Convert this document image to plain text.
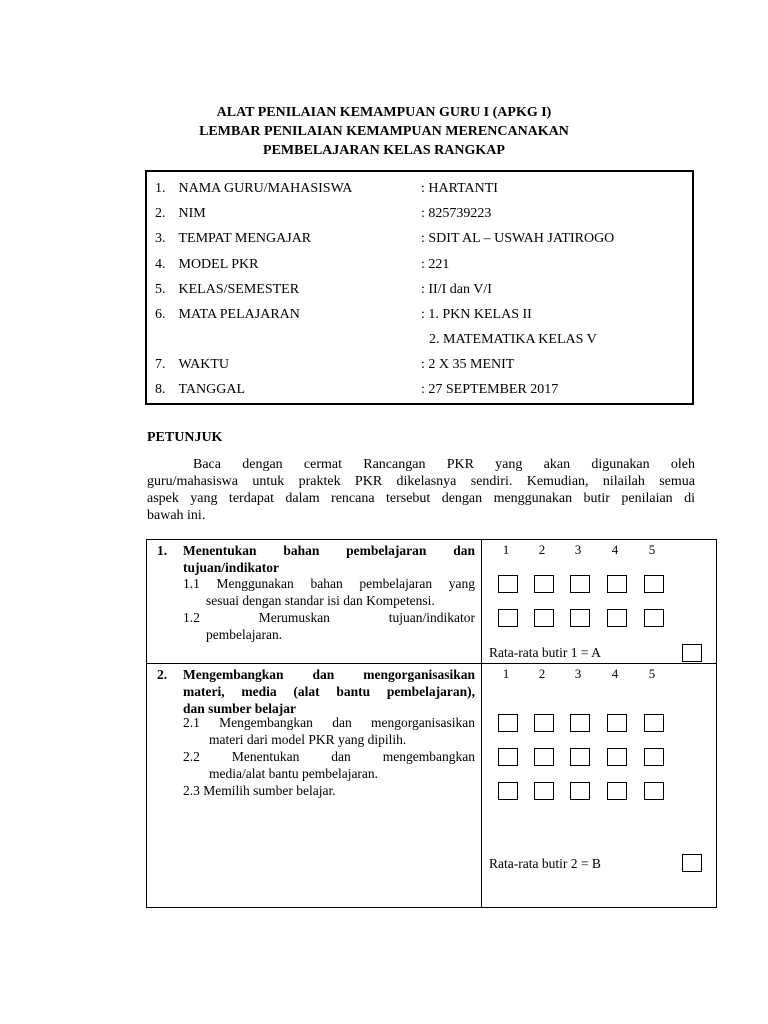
ALAT PENILAIAN KEMAMPUAN GURU I (APKG I)
LEMBAR PENILAIAN KEMAMPUAN MERENCANAKAN
PEMBELAJARAN KELAS RANGKAP
1. NAMA GURU/MAHASISWA	: HARTANTI
2. NIM	: 825739223
3. TEMPAT MENGAJAR	: SDIT AL – USWAH JATIROGO
4. MODEL PKR	: 221
5. KELAS/SEMESTER	: II/I dan V/I
6. MATA PELAJARAN	: 1. PKN KELAS II
2. MATEMATIKA KELAS V
7. WAKTU	: 2 X 35 MENIT
8. TANGGAL	: 27 SEPTEMBER 2017
PETUNJUK
Baca dengan cermat Rancangan PKR yang akan digunakan oleh
guru/mahasiswa untuk praktek PKR dikelasnya sendiri. Kemudian, nilailah semua
aspek yang terdapat dalam rencana tersebut dengan menggunakan butir penilaian di
bawah ini.
1. Menentukan bahan pembelajaran dan
tujuan/indikator
1.1 Menggunakan bahan pembelajaran yang
sesuai dengan standar isi dan Kompetensi.
1.2 Merumuskan tujuan/indikator
pembelajaran.
1	2	3	4	5
Rata-rata butir 1 = A
2. Mengembangkan dan mengorganisasikan
materi, media (alat bantu pembelajaran),
dan sumber belajar
2.1 Mengembangkan dan mengorganisasikan
materi dari model PKR yang dipilih.
2.2 Menentukan dan mengembangkan
media/alat bantu pembelajaran.
2.3 Memilih sumber belajar.
1	2	3	4	5
Rata-rata butir 2 = B
